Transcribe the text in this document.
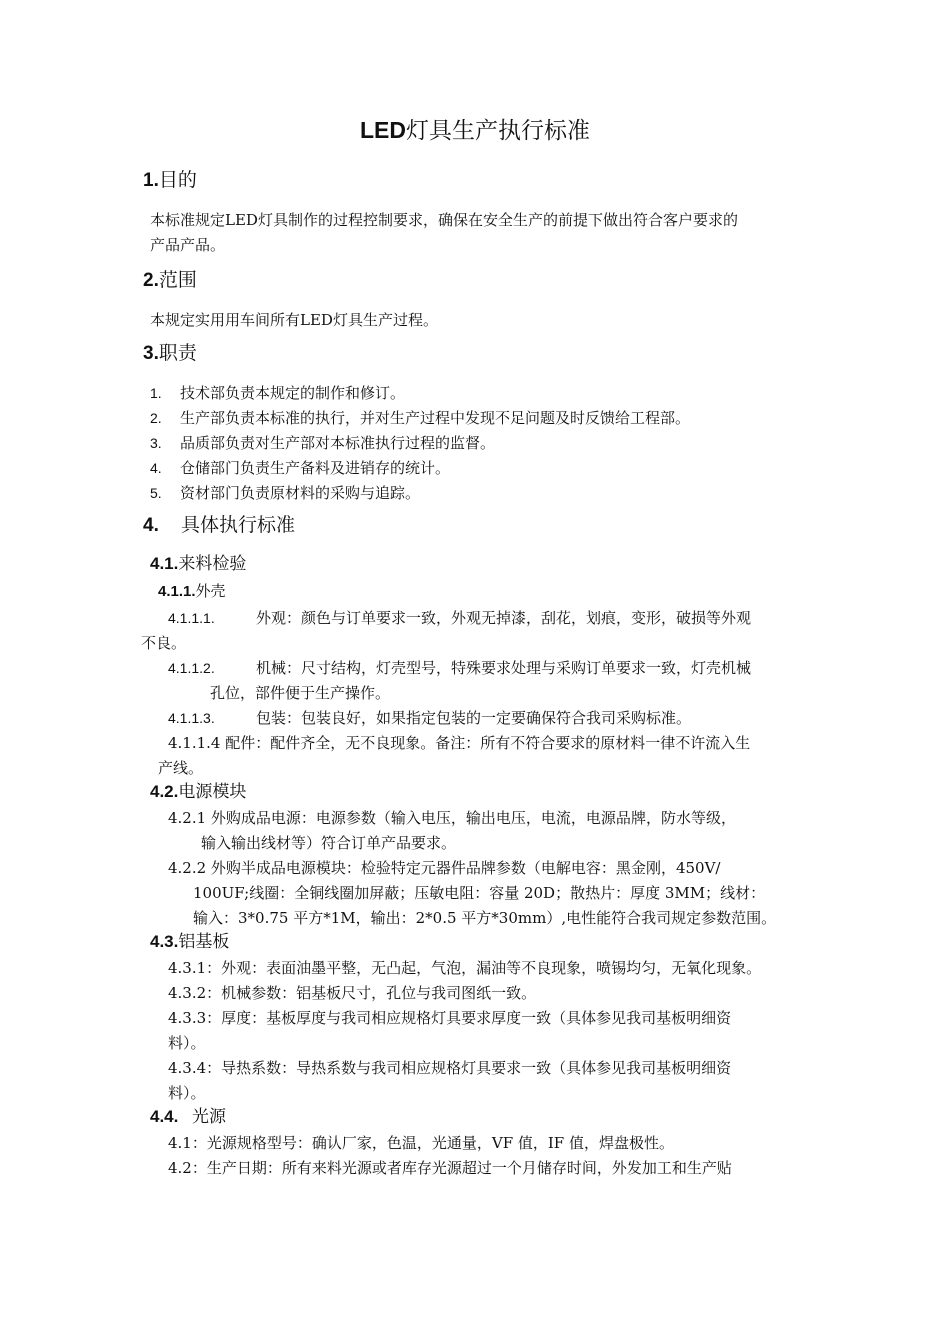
LED灯具生产执行标准
1.目的
本标准规定LED灯具制作的过程控制要求，确保在安全生产的前提下做出符合客户要求的
产品产品。
2.范围
本规定实用用车间所有LED灯具生产过程。
3.职责
1. 技术部负责本规定的制作和修订。
2. 生产部负责本标准的执行，并对生产过程中发现不足问题及时反馈给工程部。
3. 品质部负责对生产部对本标准执行过程的监督。
4. 仓储部门负责生产备料及进销存的统计。
5. 资材部门负责原材料的采购与追踪。
4. 具体执行标准
4.1.来料检验
4.1.1.外壳
4.1.1.1.	外观：颜色与订单要求一致，外观无掉漆，刮花，划痕，变形，破损等外观
不良。
4.1.1.2.	机械：尺寸结构，灯壳型号，特殊要求处理与采购订单要求一致，灯壳机械
孔位，部件便于生产操作。
4.1.1.3.	包装：包装良好，如果指定包装的一定要确保符合我司采购标准。
4.1.1.4 配件：配件齐全，无不良现象。备注：所有不符合要求的原材料一律不许流入生
产线。
4.2.电源模块
4.2.1 外购成品电源：电源参数（输入电压，输出电压，电流，电源品牌，防水等级，
输入输出线材等）符合订单产品要求。
4.2.2 外购半成品电源模块：检验特定元器件品牌参数（电解电容：黑金刚，450V/
100UF;线圈：全铜线圈加屏蔽；压敏电阻：容量 20D；散热片：厚度 3MM；线材：
输入：3*0.75 平方*1M，输出：2*0.5 平方*30mm）,电性能符合我司规定参数范围。
4.3.铝基板
4.3.1：外观：表面油墨平整，无凸起，气泡，漏油等不良现象，喷锡均匀，无氧化现象。
4.3.2：机械参数：铝基板尺寸，孔位与我司图纸一致。
4.3.3：厚度：基板厚度与我司相应规格灯具要求厚度一致（具体参见我司基板明细资
料）。
4.3.4：导热系数：导热系数与我司相应规格灯具要求一致（具体参见我司基板明细资
料）。
4.4. 光源
4.1：光源规格型号：确认厂家，色温，光通量，VF 值，IF 值，焊盘极性。
4.2：生产日期：所有来料光源或者库存光源超过一个月储存时间，外发加工和生产贴
